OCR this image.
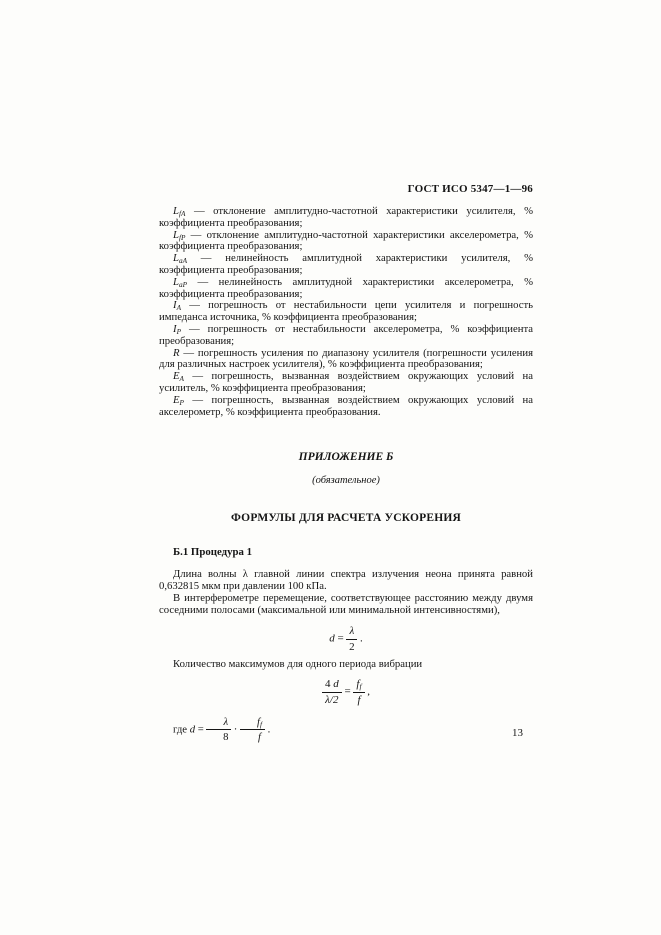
ГОСТ ИСО 5347—1—96

$L_{fA}$ — отклонение амплитудно-частотной характеристики усилителя, % коэффициента преобразования;

$L_{fP}$ — отклонение амплитудно-частотной характеристики акселерометра, % коэффициента преобразования;

$L_{aA}$ — нелинейность амплитудной характеристики усилителя, % коэффициента преобразования;

$L_{aP}$ — нелинейность амплитудной характеристики акселерометра, % коэффициента преобразования;

$I_A$ — погрешность от нестабильности цепи усилителя и погрешность импеданса источника, % коэффициента преобразования;

$I_P$ — погрешность от нестабильности акселерометра, % коэффициента преобразования;

R — погрешность усиления по диапазону усилителя (погрешности усиления для различных настроек усилителя), % коэффициента преобразования;

$E_A$ — погрешность, вызванная воздействием окружающих условий на усилитель, % коэффициента преобразования;

$E_P$ — погрешность, вызванная воздействием окружающих условий на акселерометр, % коэффициента преобразования.

ПРИЛОЖЕНИЕ Б

(обязательное)

ФОРМУЛЫ ДЛЯ РАСЧЕТА УСКОРЕНИЯ

Б.1 Процедура 1

Длина волны λ главной линии спектра излучения неона принята равной 0,632815 мкм при давлении 100 кПа.

В интерферометре перемещение, соответствующее расстоянию между двумя соседними полосами (максимальной или минимальной интенсивностями),

$d = \frac{\lambda}{2}$ .

Количество максимумов для одного периода вибрации

$\frac{4 d}{\lambda/2} = \frac{f_f}{f}$ ,

где $d = \frac{\lambda}{8} \cdot \frac{f_f}{f}$ .	13
